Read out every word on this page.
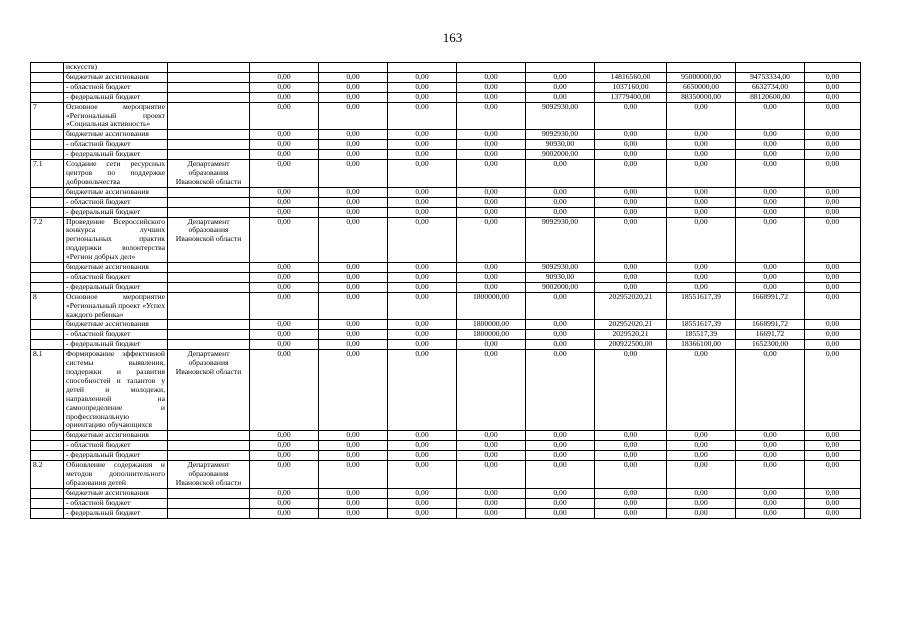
163
	искусств)										
	бюджетные ассигнования		0,00	0,00	0,00	0,00	0,00	14816560,00	95000000,00	94753334,00	0,00
	- областной бюджет		0,00	0,00	0,00	0,00	0,00	1037160,00	6650000,00	6632734,00	0,00
	- федеральный бюджет		0,00	0,00	0,00	0,00	0,00	13779400,00	88350000,00	88120600,00	0,00
7	Основное мероприятие «Региональный проект «Социальная активность»		0,00	0,00	0,00	0,00	9092930,00	0,00	0,00	0,00	0,00
	бюджетные ассигнования		0,00	0,00	0,00	0,00	9092930,00	0,00	0,00	0,00	0,00
	- областной бюджет		0,00	0,00	0,00	0,00	90930,00	0,00	0,00	0,00	0,00
	- федеральный бюджет		0,00	0,00	0,00	0,00	9002000,00	0,00	0,00	0,00	0,00
7.1	Создание сети ресурсных центров по поддержке добровольчества	Департамент образования Ивановской области	0,00	0,00	0,00	0,00	0,00	0,00	0,00	0,00	0,00
	бюджетные ассигнования		0,00	0,00	0,00	0,00	0,00	0,00	0,00	0,00	0,00
	- областной бюджет		0,00	0,00	0,00	0,00	0,00	0,00	0,00	0,00	0,00
	- федеральный бюджет		0,00	0,00	0,00	0,00	0,00	0,00	0,00	0,00	0,00
7.2	Проведение Всероссийского конкурса лучших региональных практик поддержки волонтерства «Регион добрых дел»	Департамент образования Ивановской области	0,00	0,00	0,00	0,00	9092930,00	0,00	0,00	0,00	0,00
	бюджетные ассигнования		0,00	0,00	0,00	0,00	9092930,00	0,00	0,00	0,00	0,00
	- областной бюджет		0,00	0,00	0,00	0,00	90930,00	0,00	0,00	0,00	0,00
	- федеральный бюджет		0,00	0,00	0,00	0,00	9002000,00	0,00	0,00	0,00	0,00
8	Основное мероприятие «Региональный проект «Успех каждого ребенка»		0,00	0,00	0,00	1800000,00	0,00	202952020,21	18551617,39	1668991,72	0,00
	бюджетные ассигнования		0,00	0,00	0,00	1800000,00	0,00	202952020,21	18551617,39	1668991,72	0,00
	- областной бюджет		0,00	0,00	0,00	1800000,00	0,00	2029520,21	185517,39	16691,72	0,00
	- федеральный бюджет		0,00	0,00	0,00	0,00	0,00	200922500,00	18366100,00	1652300,00	0,00
8.1	Формирование эффективной системы выявления, поддержки и развития способностей и талантов у детей и молодежи, направленной на самоопределение и профессиональную ориентацию обучающихся	Департамент образования Ивановской области	0,00	0,00	0,00	0,00	0,00	0,00	0,00	0,00	0,00
	бюджетные ассигнования		0,00	0,00	0,00	0,00	0,00	0,00	0,00	0,00	0,00
	- областной бюджет		0,00	0,00	0,00	0,00	0,00	0,00	0,00	0,00	0,00
	- федеральный бюджет		0,00	0,00	0,00	0,00	0,00	0,00	0,00	0,00	0,00
8.2	Обновление содержания и методов дополнительного образования детей	Департамент образования Ивановской области	0,00	0,00	0,00	0,00	0,00	0,00	0,00	0,00	0,00
	бюджетные ассигнования		0,00	0,00	0,00	0,00	0,00	0,00	0,00	0,00	0,00
	- областной бюджет		0,00	0,00	0,00	0,00	0,00	0,00	0,00	0,00	0,00
	- федеральный бюджет		0,00	0,00	0,00	0,00	0,00	0,00	0,00	0,00	0,00
